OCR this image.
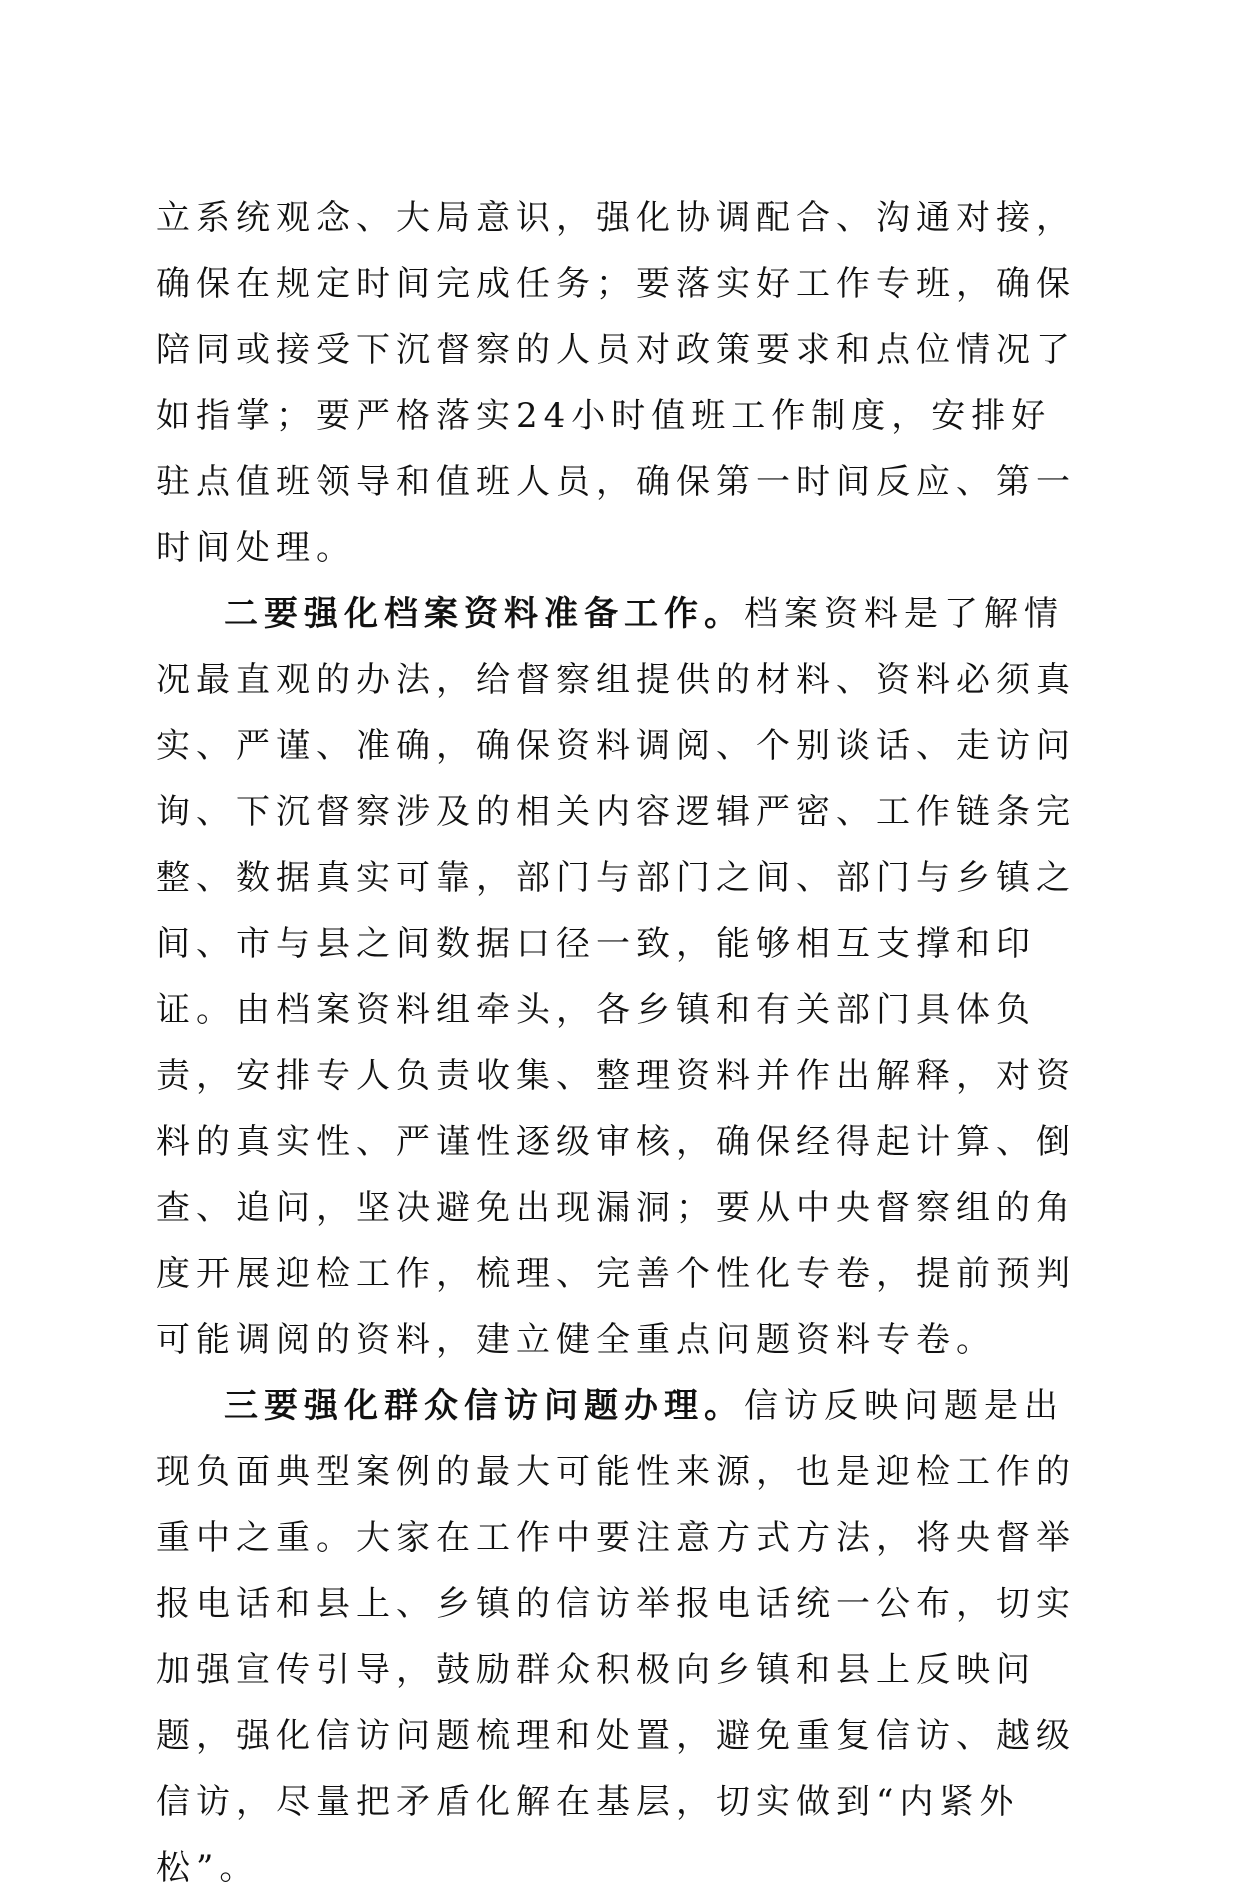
立系统观念、大局意识，强化协调配合、沟通对接，确保在规定时间完成任务；要落实好工作专班，确保陪同或接受下沉督察的人员对政策要求和点位情况了如指掌；要严格落实24小时值班工作制度，安排好驻点值班领导和值班人员，确保第一时间反应、第一时间处理。

二要强化档案资料准备工作。档案资料是了解情况最直观的办法，给督察组提供的材料、资料必须真实、严谨、准确，确保资料调阅、个别谈话、走访问询、下沉督察涉及的相关内容逻辑严密、工作链条完整、数据真实可靠，部门与部门之间、部门与乡镇之间、市与县之间数据口径一致，能够相互支撑和印证。由档案资料组牵头，各乡镇和有关部门具体负责，安排专人负责收集、整理资料并作出解释，对资料的真实性、严谨性逐级审核，确保经得起计算、倒查、追问，坚决避免出现漏洞；要从中央督察组的角度开展迎检工作，梳理、完善个性化专卷，提前预判可能调阅的资料，建立健全重点问题资料专卷。

三要强化群众信访问题办理。信访反映问题是出现负面典型案例的最大可能性来源，也是迎检工作的重中之重。大家在工作中要注意方式方法，将央督举报电话和县上、乡镇的信访举报电话统一公布，切实加强宣传引导，鼓励群众积极向乡镇和县上反映问题，强化信访问题梳理和处置，避免重复信访、越级信访，尽量把矛盾化解在基层，切实做到“内紧外松”。
